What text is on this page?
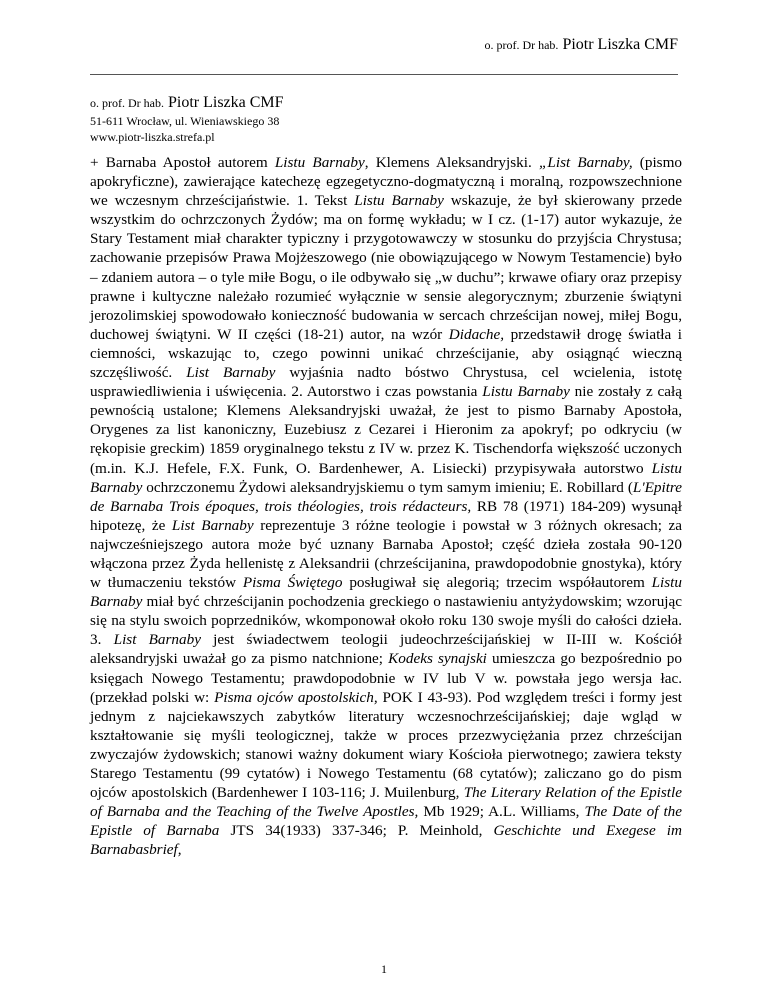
o. prof. Dr hab. Piotr Liszka CMF
o. prof. Dr hab. Piotr Liszka CMF
51-611 Wrocław, ul. Wieniawskiego 38
www.piotr-liszka.strefa.pl
+ Barnaba Apostoł autorem Listu Barnaby, Klemens Aleksandryjski. „List Barnaby, (pismo apokryficzne), zawierające katechezę egzegetyczno-dogmatyczną i moralną, rozpowszechnione we wczesnym chrześcijaństwie. 1. Tekst Listu Barnaby wskazuje, że był skierowany przede wszystkim do ochrzczonych Żydów; ma on formę wykładu; w I cz. (1-17) autor wykazuje, że Stary Testament miał charakter typiczny i przygotowawczy w stosunku do przyjścia Chrystusa; zachowanie przepisów Prawa Mojżeszowego (nie obowiązującego w Nowym Testamencie) było – zdaniem autora – o tyle miłe Bogu, o ile odbywało się „w duchu”; krwawe ofiary oraz przepisy prawne i kultyczne należało rozumieć wyłącznie w sensie alegorycznym; zburzenie świątyni jerozolimskiej spowodowało konieczność budowania w sercach chrześcijan nowej, miłej Bogu, duchowej świątyni. W II części (18-21) autor, na wzór Didache, przedstawił drogę światła i ciemności, wskazując to, czego powinni unikać chrześcijanie, aby osiągnąć wieczną szczęśliwość. List Barnaby wyjaśnia nadto bóstwo Chrystusa, cel wcielenia, istotę usprawiedliwienia i uświęcenia. 2. Autorstwo i czas powstania Listu Barnaby nie zostały z całą pewnością ustalone; Klemens Aleksandryjski uważał, że jest to pismo Barnaby Apostoła, Orygenes za list kanoniczny, Euzebiusz z Cezarei i Hieronim za apokryf; po odkryciu (w rękopisie greckim) 1859 oryginalnego tekstu z IV w. przez K. Tischendorfa większość uczonych (m.in. K.J. Hefele, F.X. Funk, O. Bardenhewer, A. Lisiecki) przypisywała autorstwo Listu Barnaby ochrzczonemu Żydowi aleksandryjskiemu o tym samym imieniu; E. Robillard (L'Epitre de Barnaba Trois époques, trois théologies, trois rédacteurs, RB 78 (1971) 184-209) wysunął hipotezę, że List Barnaby reprezentuje 3 różne teologie i powstał w 3 różnych okresach; za najwcześniejszego autora może być uznany Barnaba Apostoł; część dzieła została 90-120 włączona przez Żyda hellenistę z Aleksandrii (chrześcijanina, prawdopodobnie gnostyka), który w tłumaczeniu tekstów Pisma Świętego posługiwał się alegorią; trzecim współautorem Listu Barnaby miał być chrześcijanin pochodzenia greckiego o nastawieniu antyżydowskim; wzorując się na stylu swoich poprzedników, wkomponował około roku 130 swoje myśli do całości dzieła. 3. List Barnaby jest świadectwem teologii judeochrześcijańskiej w II-III w. Kościół aleksandryjski uważał go za pismo natchnione; Kodeks synajski umieszcza go bezpośrednio po księgach Nowego Testamentu; prawdopodobnie w IV lub V w. powstała jego wersja łac. (przekład polski w: Pisma ojców apostolskich, POK I 43-93). Pod względem treści i formy jest jednym z najciekawszych zabytków literatury wczesnochrześcijańskiej; daje wgląd w kształtowanie się myśli teologicznej, także w proces przezwyciężania przez chrześcijan zwyczajów żydowskich; stanowi ważny dokument wiary Kościoła pierwotnego; zawiera teksty Starego Testamentu (99 cytatów) i Nowego Testamentu (68 cytatów); zaliczano go do pism ojców apostolskich (Bardenhewer I 103-116; J. Muilenburg, The Literary Relation of the Epistle of Barnaba and the Teaching of the Twelve Apostles, Mb 1929; A.L. Williams, The Date of the Epistle of Barnaba JTS 34(1933) 337-346; P. Meinhold, Geschichte und Exegese im Barnabasbrief,
1
